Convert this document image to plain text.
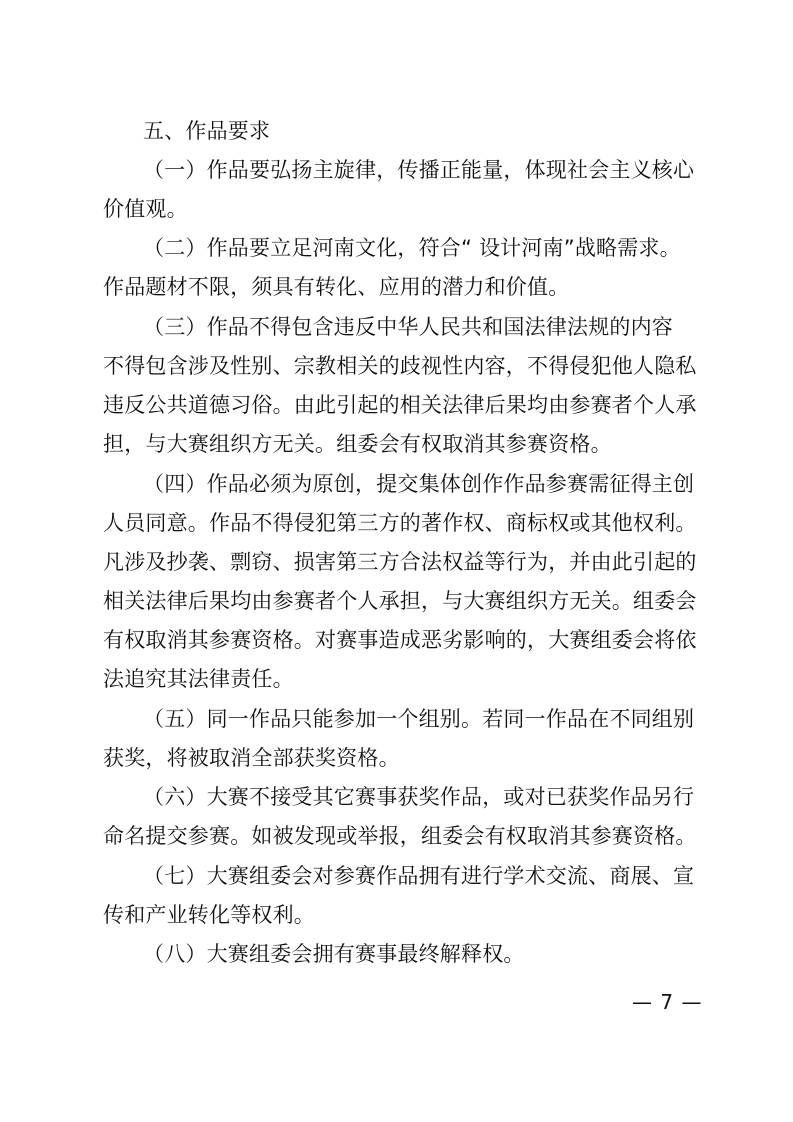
五、作品要求
（一）作品要弘扬主旋律，传播正能量，体现社会主义核心
价值观。
（二）作品要立足河南文化，符合“ 设计河南”战略需求。
作品题材不限，须具有转化、应用的潜力和价值。
（三）作品不得包含违反中华人民共和国法律法规的内容
不得包含涉及性别、宗教相关的歧视性内容，不得侵犯他人隐私
违反公共道德习俗。由此引起的相关法律后果均由参赛者个人承
担，与大赛组织方无关。组委会有权取消其参赛资格。
（四）作品必须为原创，提交集体创作作品参赛需征得主创
人员同意。作品不得侵犯第三方的著作权、商标权或其他权利。
凡涉及抄袭、剽窃、损害第三方合法权益等行为，并由此引起的
相关法律后果均由参赛者个人承担，与大赛组织方无关。组委会
有权取消其参赛资格。对赛事造成恶劣影响的，大赛组委会将依
法追究其法律责任。
（五）同一作品只能参加一个组别。若同一作品在不同组别
获奖，将被取消全部获奖资格。
（六）大赛不接受其它赛事获奖作品，或对已获奖作品另行
命名提交参赛。如被发现或举报，组委会有权取消其参赛资格。
（七）大赛组委会对参赛作品拥有进行学术交流、商展、宣
传和产业转化等权利。
（八）大赛组委会拥有赛事最终解释权。
— 7 —
